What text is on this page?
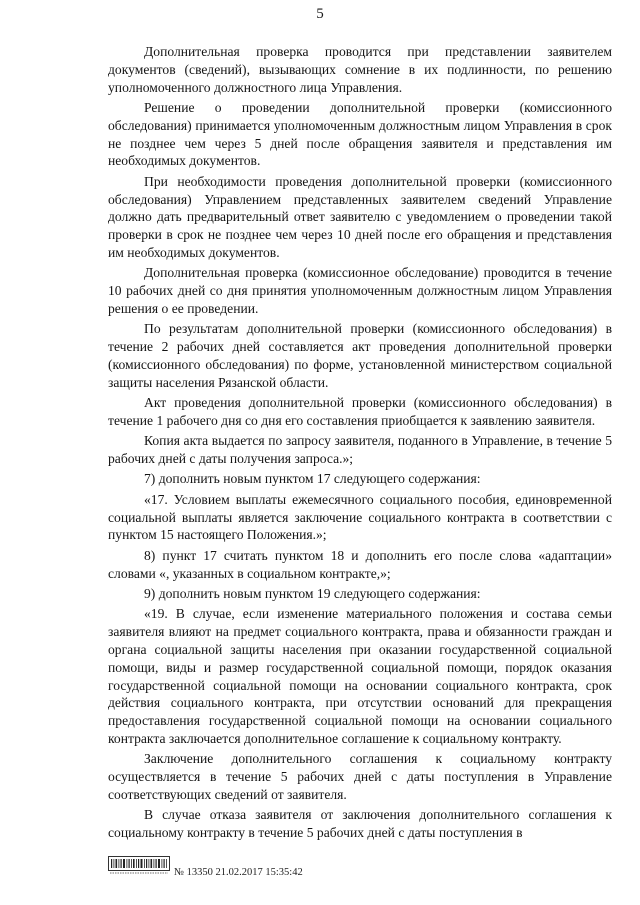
5

Дополнительная проверка проводится при представлении заявителем документов (сведений), вызывающих сомнение в их подлинности, по решению уполномоченного должностного лица Управления.

Решение о проведении дополнительной проверки (комиссионного обследования) принимается уполномоченным должностным лицом Управления в срок не позднее чем через 5 дней после обращения заявителя и представления им необходимых документов.

При необходимости проведения дополнительной проверки (комиссионного обследования) Управлением представленных заявителем сведений Управление должно дать предварительный ответ заявителю с уведомлением о проведении такой проверки в срок не позднее чем через 10 дней после его обращения и представления им необходимых документов.

Дополнительная проверка (комиссионное обследование) проводится в течение 10 рабочих дней со дня принятия уполномоченным должностным лицом Управления решения о ее проведении.

По результатам дополнительной проверки (комиссионного обследования) в течение 2 рабочих дней составляется акт проведения дополнительной проверки (комиссионного обследования) по форме, установленной министерством социальной защиты населения Рязанской области.

Акт проведения дополнительной проверки (комиссионного обследования) в течение 1 рабочего дня со дня его составления приобщается к заявлению заявителя.

Копия акта выдается по запросу заявителя, поданного в Управление, в течение 5 рабочих дней с даты получения запроса.»;

7) дополнить новым пунктом 17 следующего содержания:

«17. Условием выплаты ежемесячного социального пособия, единовременной социальной выплаты является заключение социального контракта в соответствии с пунктом 15 настоящего Положения.»;

8) пункт 17 считать пунктом 18 и дополнить его после слова «адаптации» словами «, указанных в социальном контракте,»;

9) дополнить новым пунктом 19 следующего содержания:

«19. В случае, если изменение материального положения и состава семьи заявителя влияют на предмет социального контракта, права и обязанности граждан и органа социальной защиты населения при оказании государственной социальной помощи, виды и размер государственной социальной помощи, порядок оказания государственной социальной помощи на основании социального контракта, срок действия социального контракта, при отсутствии оснований для прекращения предоставления государственной социальной помощи на основании социального контракта заключается дополнительное соглашение к социальному контракту.

Заключение дополнительного соглашения к социальному контракту осуществляется в течение 5 рабочих дней с даты поступления в Управление соответствующих сведений от заявителя.

В случае отказа заявителя от заключения дополнительного соглашения к социальному контракту в течение 5 рабочих дней с даты поступления в

№ 13350 21.02.2017 15:35:42
